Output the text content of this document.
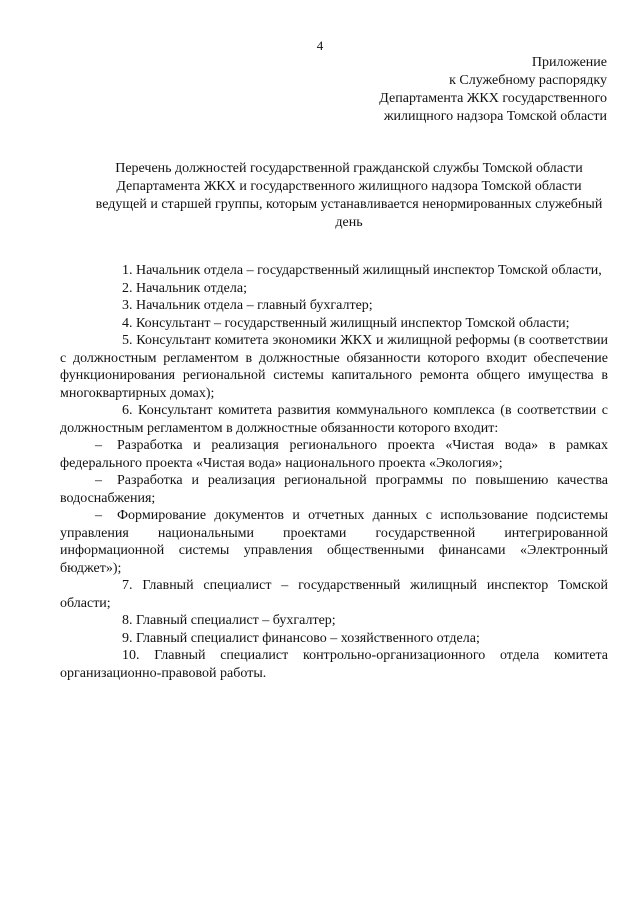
4
Приложение
к Служебному распорядку
Департамента ЖКХ государственного
жилищного надзора Томской области
Перечень должностей государственной гражданской службы Томской области
Департамента ЖКХ и государственного жилищного надзора Томской области
ведущей и старшей группы, которым устанавливается ненормированных служебный
день
1. Начальник отдела – государственный жилищный инспектор Томской области,
2. Начальник отдела;
3. Начальник отдела – главный бухгалтер;
4. Консультант – государственный жилищный инспектор Томской области;
5. Консультант комитета экономики ЖКХ и жилищной реформы (в соответствии с должностным регламентом в должностные обязанности которого входит обеспечение функционирования региональной системы капитального ремонта общего имущества в многоквартирных домах);
6. Консультант комитета развития коммунального комплекса (в соответствии с должностным регламентом в должностные обязанности которого входит:
– Разработка и реализация регионального проекта «Чистая вода» в рамках федерального проекта «Чистая вода» национального проекта «Экология»;
– Разработка и реализация региональной программы по повышению качества водоснабжения;
– Формирование документов и отчетных данных с использование подсистемы управления национальными проектами государственной интегрированной информационной системы управления общественными финансами «Электронный бюджет»);
7. Главный специалист – государственный жилищный инспектор Томской области;
8. Главный специалист – бухгалтер;
9. Главный специалист финансово – хозяйственного отдела;
10. Главный специалист контрольно-организационного отдела комитета организационно-правовой работы.
